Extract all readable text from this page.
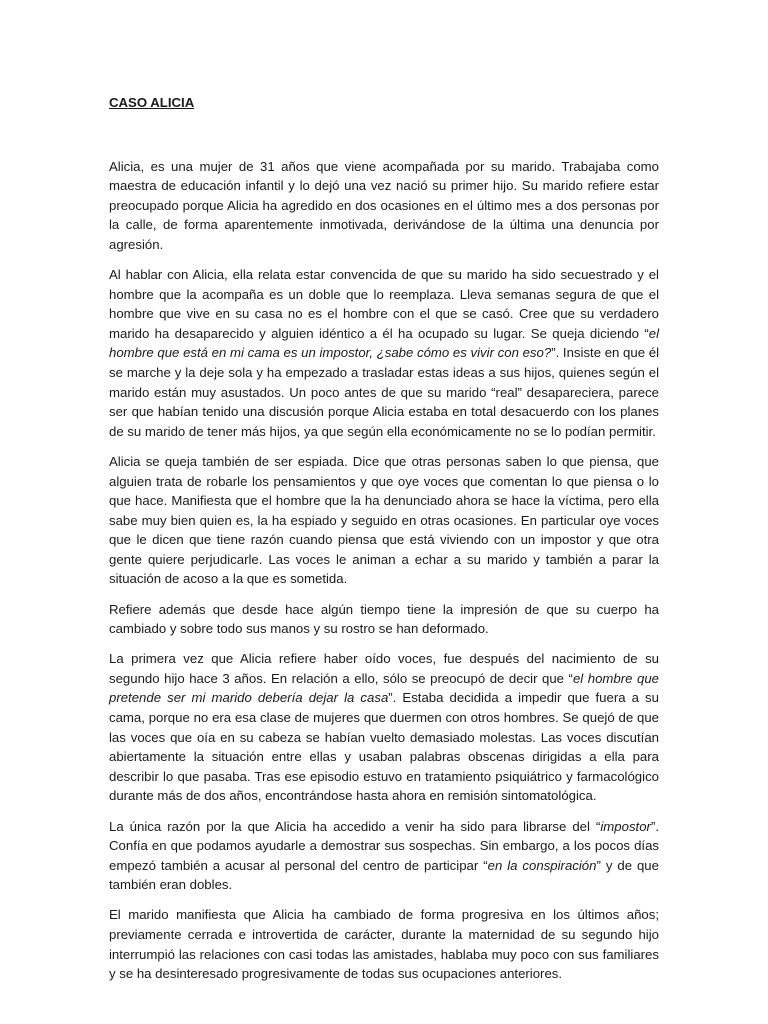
CASO ALICIA

Alicia, es una mujer de 31 años que viene acompañada por su marido. Trabajaba como maestra de educación infantil y lo dejó una vez nació su primer hijo. Su marido refiere estar preocupado porque Alicia ha agredido en dos ocasiones en el último mes a dos personas por la calle, de forma aparentemente inmotivada, derivándose de la última una denuncia por agresión.

Al hablar con Alicia, ella relata estar convencida de que su marido ha sido secuestrado y el hombre que la acompaña es un doble que lo reemplaza. Lleva semanas segura de que el hombre que vive en su casa no es el hombre con el que se casó. Cree que su verdadero marido ha desaparecido y alguien idéntico a él ha ocupado su lugar. Se queja diciendo “el hombre que está en mi cama es un impostor, ¿sabe cómo es vivir con eso?”. Insiste en que él se marche y la deje sola y ha empezado a trasladar estas ideas a sus hijos, quienes según el marido están muy asustados. Un poco antes de que su marido “real” desapareciera, parece ser que habían tenido una discusión porque Alicia estaba en total desacuerdo con los planes de su marido de tener más hijos, ya que según ella económicamente no se lo podían permitir.

Alicia se queja también de ser espiada. Dice que otras personas saben lo que piensa, que alguien trata de robarle los pensamientos y que oye voces que comentan lo que piensa o lo que hace. Manifiesta que el hombre que la ha denunciado ahora se hace la víctima, pero ella sabe muy bien quien es, la ha espiado y seguido en otras ocasiones. En particular oye voces que le dicen que tiene razón cuando piensa que está viviendo con un impostor y que otra gente quiere perjudicarle. Las voces le animan a echar a su marido y también a parar la situación de acoso a la que es sometida.

Refiere además que desde hace algún tiempo tiene la impresión de que su cuerpo ha cambiado y sobre todo sus manos y su rostro se han deformado.

La primera vez que Alicia refiere haber oído voces, fue después del nacimiento de su segundo hijo hace 3 años. En relación a ello, sólo se preocupó de decir que “el hombre que pretende ser mi marido debería dejar la casa”. Estaba decidida a impedir que fuera a su cama, porque no era esa clase de mujeres que duermen con otros hombres. Se quejó de que las voces que oía en su cabeza se habían vuelto demasiado molestas. Las voces discutían abiertamente la situación entre ellas y usaban palabras obscenas dirigidas a ella para describir lo que pasaba. Tras ese episodio estuvo en tratamiento psiquiátrico y farmacológico durante más de dos años, encontrándose hasta ahora en remisión sintomatológica.

La única razón por la que Alicia ha accedido a venir ha sido para librarse del “impostor”. Confía en que podamos ayudarle a demostrar sus sospechas. Sin embargo, a los pocos días empezó también a acusar al personal del centro de participar “en la conspiración” y de que también eran dobles.

El marido manifiesta que Alicia ha cambiado de forma progresiva en los últimos años; previamente cerrada e introvertida de carácter, durante la maternidad de su segundo hijo interrumpió las relaciones con casi todas las amistades, hablaba muy poco con sus familiares y se ha desinteresado progresivamente de todas sus ocupaciones anteriores.
